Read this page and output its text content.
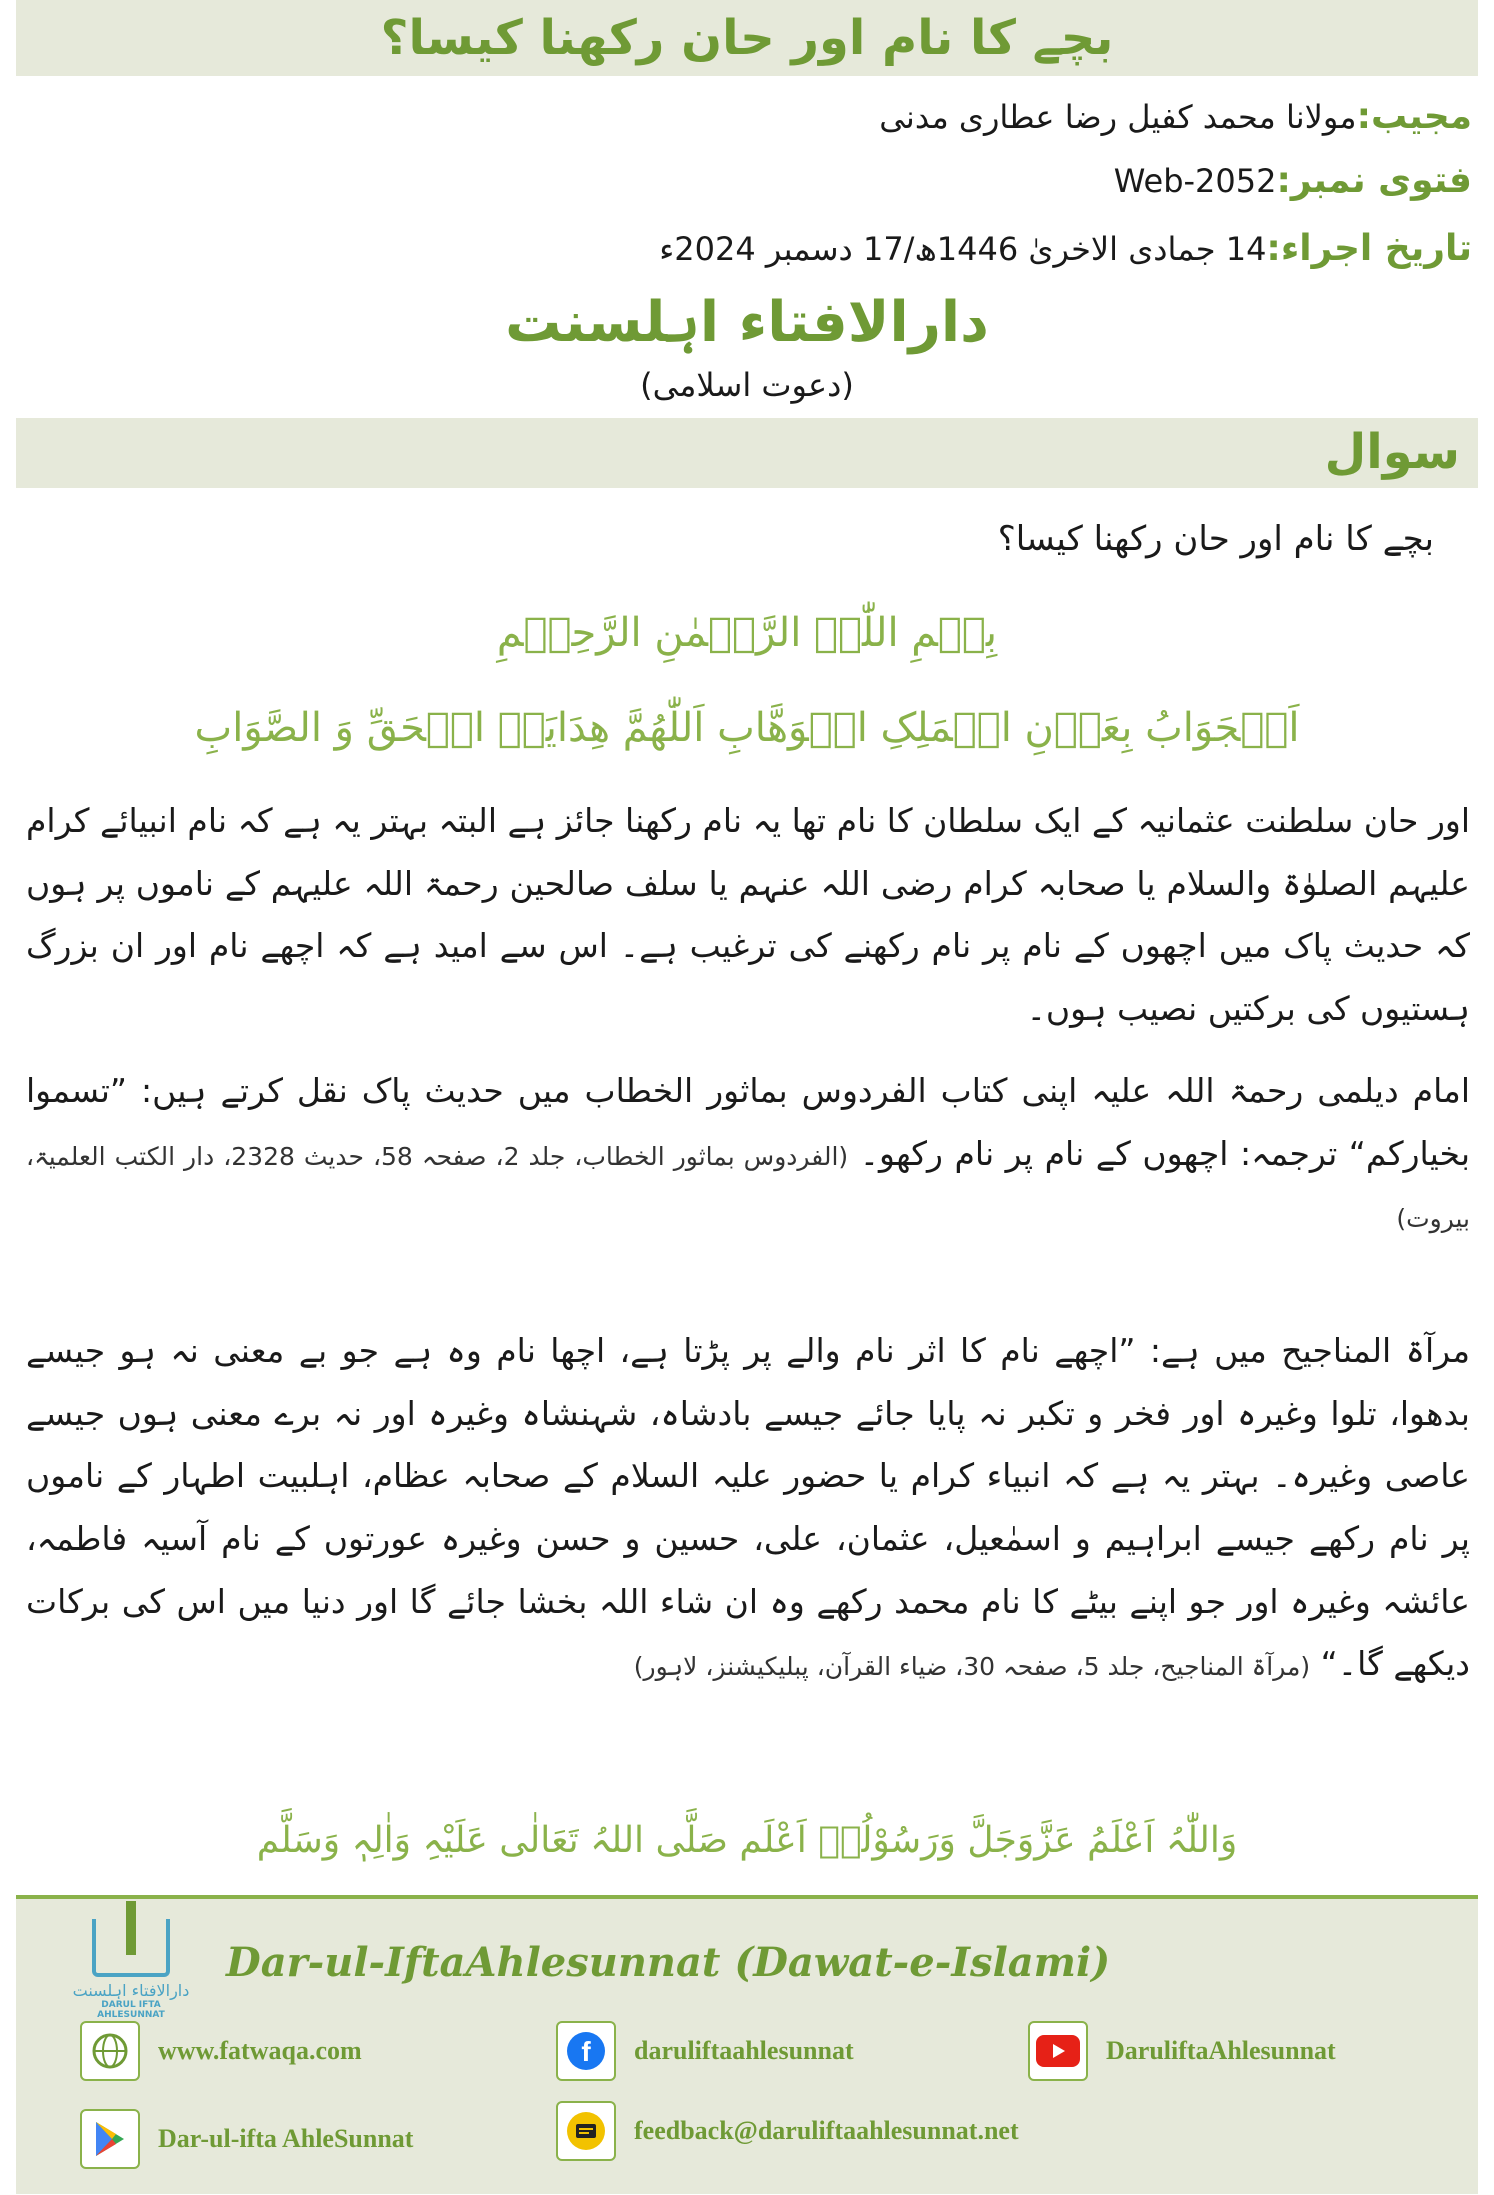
بچے کا نام اور حان رکھنا کیسا؟
مجیب:مولانا محمد کفیل رضا عطاری مدنی
فتوی نمبر:Web-2052
تاریخ اجراء:14 جمادی الاخریٰ 1446ھ/17 دسمبر 2024ء
دارالافتاء اہلسنت
(دعوت اسلامی)
سوال
بچے کا نام اور حان رکھنا کیسا؟
بِسۡمِ اللّٰہِ الرَّحۡمٰنِ الرَّحِیۡمِ
اَلۡجَوَابُ بِعَوۡنِ الۡمَلِکِ الۡوَھَّابِ اَللّٰھُمَّ ھِدَایَۃَ الۡحَقِّ وَ الصَّوَابِ

اور حان سلطنت عثمانیہ کے ایک سلطان کا نام تھا یہ نام رکھنا جائز ہے البتہ بہتر یہ ہے کہ نام انبیائے کرام علیہم الصلوٰۃ والسلام یا صحابہ کرام رضی اللہ عنہم یا سلف صالحین رحمۃ اللہ علیہم کے ناموں پر ہوں کہ حدیث پاک میں اچھوں کے نام پر نام رکھنے کی ترغیب ہے۔ اس سے امید ہے کہ اچھے نام اور ان بزرگ ہستیوں کی برکتیں نصیب ہوں۔

امام دیلمی رحمۃ اللہ علیہ اپنی کتاب الفردوس بماثور الخطاب میں حدیث پاک نقل کرتے ہیں: ”تسموا بخیارکم“ ترجمہ: اچھوں کے نام پر نام رکھو۔ (الفردوس بماثور الخطاب، جلد 2، صفحہ 58، حدیث 2328، دار الکتب العلمیۃ، بیروت)

مرآۃ المناجیح میں ہے: ”اچھے نام کا اثر نام والے پر پڑتا ہے، اچھا نام وہ ہے جو بے معنی نہ ہو جیسے بدھوا، تلوا وغیرہ اور فخر و تکبر نہ پایا جائے جیسے بادشاہ، شہنشاہ وغیرہ اور نہ برے معنی ہوں جیسے عاصی وغیرہ۔ بہتر یہ ہے کہ انبیاء کرام یا حضور علیہ السلام کے صحابہ عظام، اہلبیت اطہار کے ناموں پر نام رکھے جیسے ابراہیم و اسمٰعیل، عثمان، علی، حسین و حسن وغیرہ عورتوں کے نام آسیہ فاطمہ، عائشہ وغیرہ اور جو اپنے بیٹے کا نام محمد رکھے وہ ان شاء اللہ بخشا جائے گا اور دنیا میں اس کی برکات دیکھے گا۔“ (مرآۃ المناجیح، جلد 5، صفحہ 30، ضیاء القرآن، پبلیکیشنز، لاہور)

وَاللّٰہُ اَعْلَمُ عَزَّوَجَلَّ وَرَسُوْلُہٗ اَعْلَم صَلَّی اللہُ تَعَالٰی عَلَیْہِ وَاٰلِہٖ وَسَلَّم
دارالافتاء اہلسنت
DARUL IFTA AHLESUNNAT
Dar-ul-IftaAhlesunnat (Dawat-e-Islami)
www.fatwaqa.com	f daruliftaahlesunnat	DaruliftaAhlesunnat
Dar-ul-ifta AhleSunnat	feedback@daruliftaahlesunnat.net
